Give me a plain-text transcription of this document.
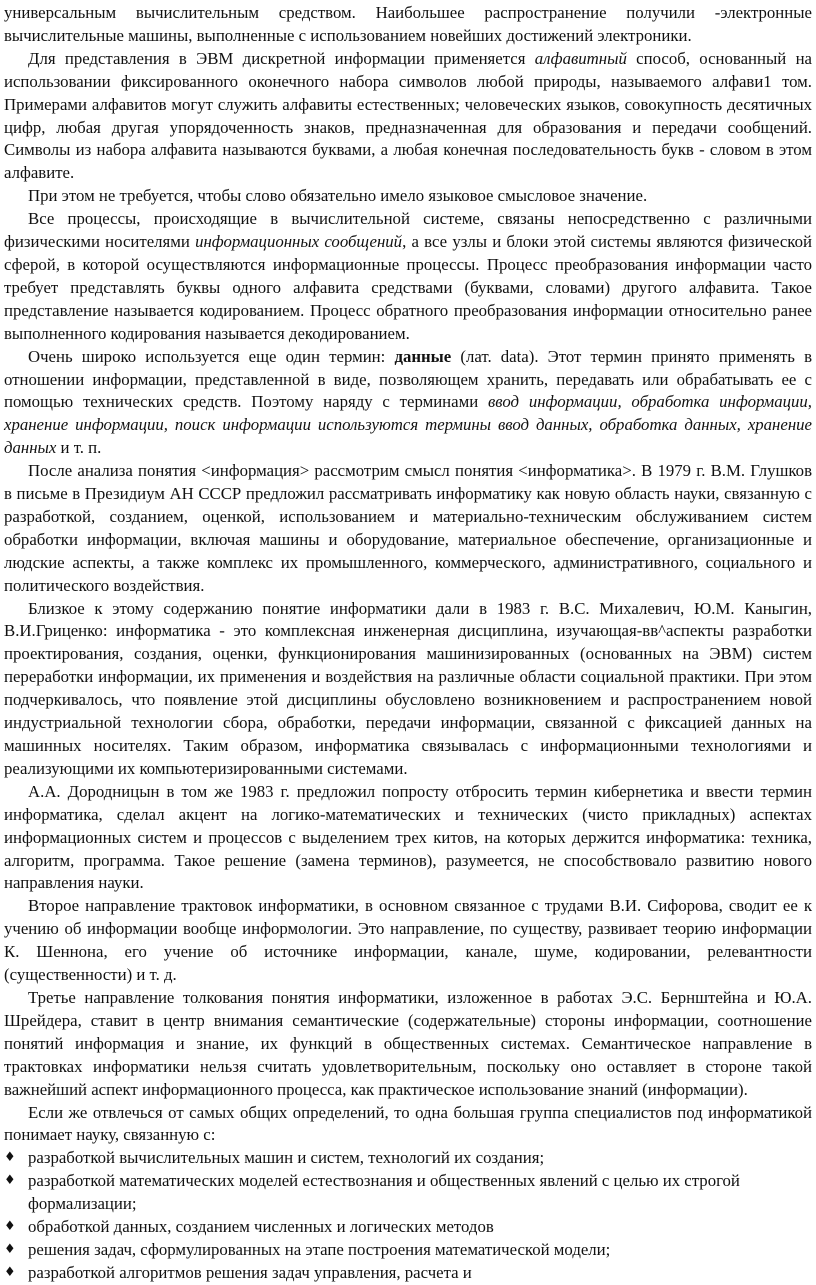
универсальным вычислительным средством. Наибольшее распространение получили -электронные вычислительные машины, выполненные с использованием новейших достижений электроники.

Для представления в ЭВМ дискретной информации применяется алфавитный способ, основанный на использовании фиксированного оконечного набора символов любой природы, называемого алфави1 том. Примерами алфавитов могут служить алфавиты естественных; человеческих языков, совокупность десятичных цифр, любая другая упорядоченность знаков, предназначенная для образования и передачи сообщений. Символы из набора алфавита называются буквами, а любая конечная последовательность букв - словом в этом алфавите.

При этом не требуется, чтобы слово обязательно имело языковое смысловое значение.

Все процессы, происходящие в вычислительной системе, связаны непосредственно с различными физическими носителями информационных сообщений, а все узлы и блоки этой системы являются физической сферой, в которой осуществляются информационные процессы. Процесс преобразования информации часто требует представлять буквы одного алфавита средствами (буквами, словами) другого алфавита. Такое представление называется кодированием. Процесс обратного преобразования информации относительно ранее выполненного кодирования называется декодированием.

Очень широко используется еще один термин: данные (лат. data). Этот термин принято применять в отношении информации, представленной в виде, позволяющем хранить, передавать или обрабатывать ее с помощью технических средств. Поэтому наряду с терминами ввод информации, обработка информации, хранение информации, поиск информации используются термины ввод данных, обработка данных, хранение данных и т. п.

После анализа понятия <информация> рассмотрим смысл понятия <информатика>. В 1979 г. В.М. Глушков в письме в Президиум АН СССР предложил рассматривать информатику как новую область науки, связанную с разработкой, созданием, оценкой, использованием и материально-техническим обслуживанием систем обработки информации, включая машины и оборудование, материальное обеспечение, организационные и людские аспекты, а также комплекс их промышленного, коммерческого, административного, социального и политического воздействия.

Близкое к этому содержанию понятие информатики дали в 1983 г. В.С. Михалевич, Ю.М. Каныгин, В.И.Гриценко: информатика - это комплексная инженерная дисциплина, изучающая-вв^аспекты разработки проектирования, создания, оценки, функционирования машинизированных (основанных на ЭВМ) систем переработки информации, их применения и воздействия на различные области социальной практики. При этом подчеркивалось, что появление этой дисциплины обусловлено возникновением и распространением новой индустриальной технологии сбора, обработки, передачи информации, связанной с фиксацией данных на машинных носителях. Таким образом, информатика связывалась с информационными технологиями и реализующими их компьютеризированными системами.

А.А. Дородницын в том же 1983 г. предложил попросту отбросить термин кибернетика и ввести термин информатика, сделал акцент на логико-математических и технических (чисто прикладных) аспектах информационных систем и процессов с выделением трех китов, на которых держится информатика: техника, алгоритм, программа. Такое решение (замена терминов), разумеется, не способствовало развитию нового направления науки.

Второе направление трактовок информатики, в основном связанное с трудами В.И. Сифорова, сводит ее к учению об информации вообще информологии. Это направление, по существу, развивает теорию информации К. Шеннона, его учение об источнике информации, канале, шуме, кодировании, релевантности (существенности) и т. д.

Третье направление толкования понятия информатики, изложенное в работах Э.С. Бернштейна и Ю.А. Шрейдера, ставит в центр внимания семантические (содержательные) стороны информации, соотношение понятий информация и знание, их функций в общественных системах. Семантическое направление в трактовках информатики нельзя считать удовлетворительным, поскольку оно оставляет в стороне такой важнейший аспект информационного процесса, как практическое использование знаний (информации).

Если же отвлечься от самых общих определений, то одна большая группа специалистов под информатикой понимает науку, связанную с:

♦ разработкой вычислительных машин и систем, технологий их создания;
♦ разработкой математических моделей естествознания и общественных явлений с целью их строгой формализации;
♦ обработкой данных, созданием численных и логических методов
♦ решения задач, сформулированных на этапе построения математической модели;
♦ разработкой алгоритмов решения задач управления, расчета и
